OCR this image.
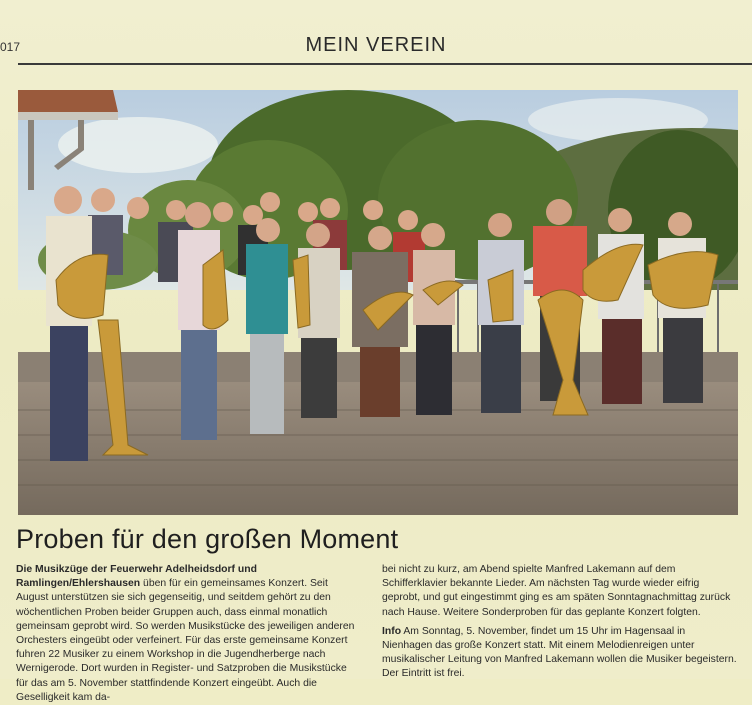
017	MEIN VEREIN
Proben für den großen Moment

Die Musikzüge der Feuerwehr Adelheidsdorf und Ramlingen/Ehlershausen üben für ein gemeinsames Konzert. Seit August unterstützen sie sich gegenseitig, und seitdem gehört zu den wöchentlichen Proben beider Gruppen auch, dass einmal monatlich gemeinsam geprobt wird. So werden Musikstücke des jeweiligen anderen Orchesters eingeübt oder verfeinert. Für das erste gemeinsame Konzert fuhren 22 Musiker zu einem Workshop in die Jugendherberge nach Wernigerode. Dort wurden in Register- und Satzproben die Musikstücke für das am 5. November stattfindende Konzert eingeübt. Auch die Geselligkeit kam da-

bei nicht zu kurz, am Abend spielte Manfred Lakemann auf dem Schifferklavier bekannte Lieder. Am nächsten Tag wurde wieder eifrig geprobt, und gut eingestimmt ging es am späten Sonntagnachmittag zurück nach Hause. Weitere Sonderproben für das geplante Konzert folgten.

Info Am Sonntag, 5. November, findet um 15 Uhr im Hagensaal in Nienhagen das große Konzert statt. Mit einem Melodienreigen unter musikalischer Leitung von Manfred Lakemann wollen die Musiker begeistern. Der Eintritt ist frei.
